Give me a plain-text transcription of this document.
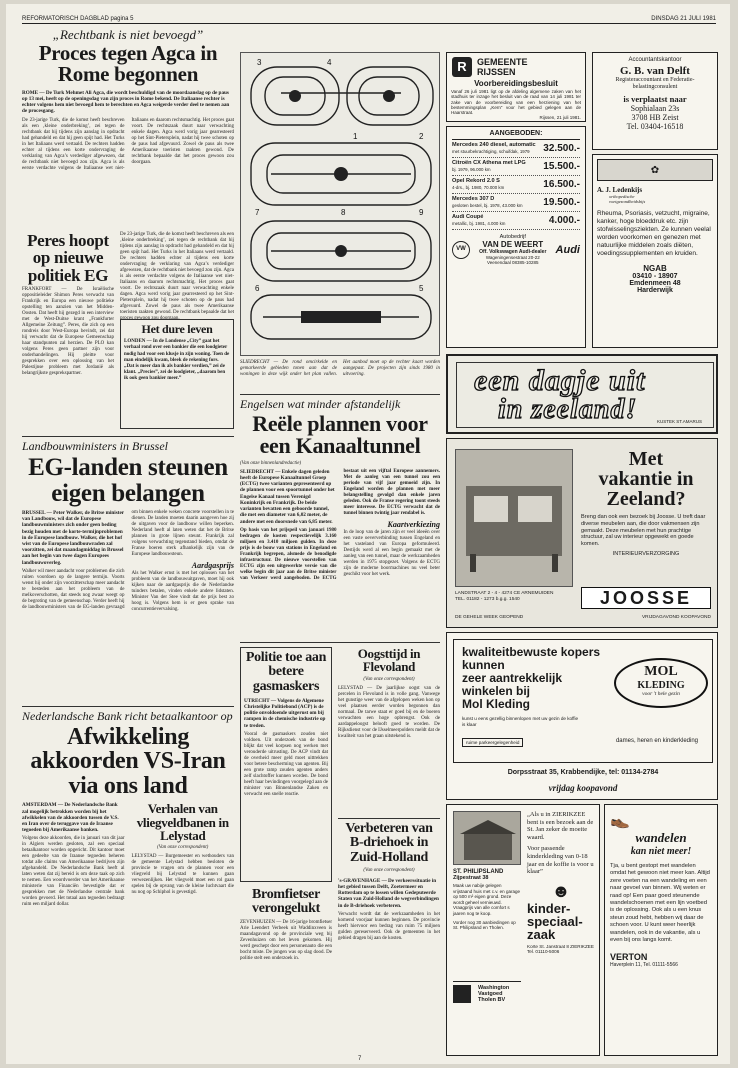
REFORMATORISCH DAGBLAD pagina 5	DINSDAG 21 JULI 1981
„Rechtbank is niet bevoegd”
Proces tegen Agca in Rome begonnen
ROME — De Turk Mehmet Ali Agca, die wordt beschuldigd van de moordaanslag op de paus op 13 mei, heeft op de openingsdag van zijn proces in Rome bekend. De Italiaanse rechter is echter volgens hem niet bevoegd hem te berechten en Agca weigerde verder deel te nemen aan de procesgang.
De 23-jarige Turk, die de komst heeft beschreven als een ‚kleine onderbreking’, zei tegen de rechtbank dat hij tijdens zijn aanslag in opdracht had gehandeld en dat hij geen spijt had. Het Turks in het Italiaans werd vertaald. De rechters hadden echter al tijdens een korte ondervraging de verklaring van Agca’s verdediger afgewezen, dat de rechtbank niet bevoegd zou zijn. Agca is als eerste verdachte volgens de Italiaanse wet niet-Italiaans en daarom rechtsmachtig. Het proces gaat voort. De rechtszaak duurt naar verwachting enkele dagen. Agca werd vorig jaar gearresteerd op het Sint-Pietersplein, nadat hij twee schoten op de paus had afgevuurd. Zowel de paus als twee Amerikaanse toeristen raakten gewond. De rechtbank bepaalde dat het proces gewoon zou doorgaan.
Peres hoopt op nieuwe politiek EG
FRANKFORT — De Israëlische oppositieleider Shimon Peres verwacht van Frankrijk en Europa een nieuwe politieke opstelling ten aanzien van het Midden-Oosten. Dat heeft hij gezegd in een interview met de West-Duitse krant „Frankfurter Allgemeine Zeitung”. Peres, die zich op een rondreis door West-Europa bevindt, zei dat hij verwacht dat de Europese Gemeenschap haar standpunten zal herzien. De PLO kan volgens Peres geen partner zijn voor onderhandelingen. Hij pleitte voor gesprekken over een oplossing van het Palestijnse probleem met Jordanië als belangrijkste gesprekspartner.
De 23-jarige Turk, die de komst heeft beschreven als een ‚kleine onderbreking’, zei tegen de rechtbank dat hij tijdens zijn aanslag in opdracht had gehandeld en dat hij geen spijt had. Het Turks in het Italiaans werd vertaald. De rechters hadden echter al tijdens een korte ondervraging de verklaring van Agca’s verdediger afgewezen, dat de rechtbank niet bevoegd zou zijn. Agca is als eerste verdachte volgens de Italiaanse wet niet-Italiaans en daarom rechtsmachtig. Het proces gaat voort. De rechtszaak duurt naar verwachting enkele dagen. Agca werd vorig jaar gearresteerd op het Sint-Pietersplein, nadat hij twee schoten op de paus had afgevuurd. Zowel de paus als twee Amerikaanse toeristen raakten gewond. De rechtbank bepaalde dat het
Het dure leven
LONDEN — In de Londense „City” gaat het verhaal rond over een bankier die een loodgieter nodig had voor een klusje in zijn woning. Toen de man eindelijk kwam, bleek de rekening fors. „Dat is meer dan ik als bankier verdien,” zei de klant. „Precies”, zei de loodgieter, „daarom ben ik ook geen bankier meer.”
Landbouwministers in Brussel
EG-landen steunen eigen belangen
BRUSSEL — Peter Walker, de Britse minister van Landbouw, wil dat de Europese landbouwministers zich onder geen beding bezig houden met de korte-termijnproblemen in de Europese landbouw. Walker, die het hof wist van de Europese landbouwraden zal voorzitten, zei dat maandagmiddag in Brussel aan het begin van twee dagen Europees landbouwoverleg.
Walker wil meer aandacht voor problemen die zich ruiten voordoen op de langere termijn. Voorts wenst hij onder zijn voorzitterschap meer aandacht te besteden aan het probleem van de melkoverschotten, dat steeds nog zwaar weegt op de begroting van de gemeenschap. Verder heeft hij de landbouwministers van de EG-landen gevraagd om binnen enkele weken concrete voorstellen in te dienen. De landen moeten daarin aangeven hoe zij de uitgaven voor de landbouw willen beperken. Nederland heeft al laten weten dat het de Britse plannen in grote lijnen steunt. Frankrijk zal volgens verwachting tegenstand bieden, omdat de Franse boeren sterk afhankelijk zijn van de Europese landbouwsteun.
Aardgasprijs
Als het Walker ernst is met het oplossen van het probleem van de landbouwuitgaven, moet hij ook kijken naar de aardgasprijs die de Nederlandse tuinders betalen, vinden enkele andere lidstaten. Minister Van der Stee vindt dat de prijs best zo hoog is. Volgens hem is er geen sprake van concurrentievervalsing.
Nederlandsche Bank richt betaalkantoor op
Afwikkeling akkoorden VS-Iran via ons land
AMSTERDAM — De Nederlandsche Bank zal mogelijk betrokken worden bij het afwikkelen van de akkoorden tussen de V.S. en Iran over de teruggave van de Iraanse tegoeden bij Amerikaanse banken.
Volgens deze akkoorden, die in januari van dit jaar in Algiers werden gesloten, zal een speciaal betaalkantoor worden opgericht. Dit kantoor moet een gedeelte van de Iraanse tegoeden beheren totdat alle claims van Amerikaanse bedrijven zijn afgehandeld. De Nederlandsche Bank heeft al laten weten dat zij bereid is om deze taak op zich te nemen. Een woordvoerder van het Amerikaanse ministerie van Financiën bevestigde dat er gesprekken met de Nederlandse centrale bank worden gevoerd. Het totaal aan tegoeden bedraagt ruim een miljard dollar.
Verhalen van vliegveldbanen in Lelystad
(Van onze correspondent)
LELYSTAD — Burgemeester en wethouders van de gemeente Lelystad hebben besloten de provincie te vragen om de plannen voor een vliegveld bij Lelystad te kunnen gaan verwezenlijken. Het vliegveld moet een rol gaan spelen bij de opvang van de kleine luchtvaart die nu nog op Schiphol is gevestigd.
3	4
1	2
7	8	9
6	5
SLIEDRECHT — De rond omcirkelde en gemarkeerde gebieden tonen aan dat de woningen in deze wijk onder het plan vallen. Het aanbod moet op de rechter kaart worden aangepast. De projecten zijn sinds 1980 in uitvoering.
Engelsen wat minder afstandelijk
Reële plannen voor een Kanaaltunnel
(Van onze binnenlandredactie)
SLIEDRECHT — Enkele dagen geleden heeft de Europese Kanaaltunnel Groep (ECTG) twee varianten gepresenteerd op de plannen voor een spoortunnel onder het Engelse Kanaal tussen Verenigd Koninkrijk en Frankrijk. De beide varianten bevatten een geboorde tunnel, die met een diameter van 6,02 meter, de andere met een doorsnede van 6,85 meter.
Op basis van het prijspeil van januari 1980 bedragen de kosten respectievelijk 3.160 miljoen en 3.410 miljoen gulden. In deze prijs is de bouw van stations in Engeland en Frankrijk begrepen, alsmede de benodigde infrastructuur. De nieuwe voorstellen van ECTG zijn een uitgewerkte versie van die welke begin dit jaar aan de Britse minister van Verkeer werd aangeboden. De ECTG bestaat uit een vijftal Europese aannemers. Met de aanleg van een tunnel zou een periode van vijf jaar gemoeid zijn. In Engeland worden de plannen met meer belangstelling gevolgd dan enkele jaren geleden. Ook de Franse regering toont steeds meer interesse. De ECTG verwacht dat de tunnel binnen twintig jaar rendabel is.
Kaartverkiezing
In de loop van de jaren zijn er veel ideeën over een vaste oeververbinding tussen Engeland en het vasteland van Europa geformuleerd. Destijds werd al een begin gemaakt met de aanleg van een tunnel, maar de werkzaamheden werden in 1975 stopgezet. Volgens de ECTG zijn de moderne boormachines nu veel beter geschikt voor het werk.
Politie toe aan betere gasmaskers
UTRECHT — Volgens de Algemene Christelijke Politiebond (ACP) is de politie onvoldoende uitgerust om bij rampen in de chemische industrie op te treden.
Vooral de gasmaskers zouden niet voldoen. Uit onderzoek van de bond blijkt dat veel korpsen nog werken met verouderde uitrusting. De ACP vindt dat de overheid meer geld moet uittrekken voor betere bescherming van agenten. Bij een grote ramp zouden agenten anders zelf slachtoffer kunnen worden. De bond heeft haar bevindingen voorgelegd aan de minister van Binnenlandse Zaken en verwacht een snelle reactie.
Bromfietser verongelukt
ZEVENHUIZEN — De 16-jarige bromfietser Arie Leendert Verbeek uit Waddinxveen is maandagavond op de provinciale weg bij Zevenhuizen om het leven gekomen. Hij werd geschept door een personenauto die een bocht miste. De jongen was op slag dood. De politie stelt een onderzoek in.
Oogsttijd in Flevoland
(Van onze correspondent)
LELYSTAD — De jaarlijkse oogst van de percelen in Flevoland is in volle gang. Vanwege het gunstige weer van de afgelopen weken kon op veel plaatsen eerder worden begonnen dan normaal. De tarwe staat er goed bij en de boeren verwachten een hoge opbrengst. Ook de aardappeloogst belooft goed te worden. De Rijksdienst voor de IJsselmeerpolders meldt dat de kwaliteit van het graan uitstekend is.
Verbeteren van B-driehoek in Zuid-Holland
(Van onze correspondent)
's-GRAVENHAGE — De verkeerssituatie in het gebied tussen Delft, Zoetermeer en Rotterdam op te lossen willen Gedeputeerde Staten van Zuid-Holland de wegverbindingen in de B-driehoek verbeteren.
Verwacht wordt dat de werkzaamheden in het komend voorjaar kunnen beginnen. De provincie heeft hiervoor een bedrag van ruim 75 miljoen gulden gereserveerd. Ook de gemeenten in het gebied dragen bij aan de kosten.
R	GEMEENTE
RIJSSEN
Voorbereidingsbesluit
Vanaf 26 juli 1981 ligt op de afdeling algemene zaken van het stadhuis ter inzage het besluit van de raad van 14 juli 1981 ter zake van de voorbereiding van een herziening van het bestemmingsplan „Kern” voor het gebied gelegen aan de Haarstraat.
Rijssen, 21 juli 1981.
AANGEBODEN:
Mercedes 240 diesel, automatic
met stuurbekrachtiging, schuifdak, 1979	32.500.-
Citroën CX Athena met LPG
bj. 1979, 96.000 km	15.500.-
Opel Rekord 2.0 S
4-drs., bj. 1980, 70.000 km	16.500.-
Mercedes 307 D
gesloten bestel, bj. 1978, 43.000 km	19.500.-
Audi Coupé
metallic, bj. 1981, 4.000 km	4.000.-
VW
Autobedrijf
VAN DE WEERT
Off. Volkswagen Audi-dealer
Wageningensestraat 20-22
Veenendaal 08385-10285
Audi
Accountantskantoor
G. B. van Delft
Registeraccountant en Federatie-belastingconsulent
is verplaatst naar
Sophialaan 23s
3708 HB Zeist
Tel. 03404-16518
✿
A. J. Ledenkijs
orthopedische
voetgezondheidsbijs
Rheuma, Psoriasis, vetzucht, migraine, kanker, hoge bloeddruk etc. zijn stofwisselingsziekten. Ze kunnen veelal worden voorkomen en genezen met natuurlijke middelen zoals diëten, voedingssupplementen en kruiden.
NGAB
03410 - 18907
Emdenmeen 48
Harderwijk
een dagje uit
in zeeland!	KUSTEK ST.AMARUS
Met
vakantie in
Zeeland?
Breng dan ook een bezoek bij Joosse. U treft daar diverse meubelen aan, die door vakmensen zijn gemaakt. Deze meubelen met hun prachtige structuur, zal uw interieur opgewekt en goede komen.
INTERIEURVERZORGING
JOOSSE
LANDSTRAAT 2 - 4 - 4274 CE ARNEMUIDEN
TEL. 01182 - 1273 b.g.g. 1540
DE GEHELE WEEK GEOPEND	VRIJDAGAVOND KOOPAVOND
kwaliteitbewuste kopers
kunnen
zeer aantrekkelijk
winkelen bij
Mol Kleding
MOL
KLEDING
voor 't hele gezin
kunst u eens gezellig binnenlopen met uw gezin de koffie is klaar
ruime parkeergelegenheid	dames, heren en kinderkleding
Dorpsstraat 35, Krabbendijke, tel: 01134-2784
vrijdag koopavond
ST. PHILIPSLAND
Zijpestraat 38
Maak uw nabije gelegen vrijstaand huis met c.v. en garage op 500 m² eigen grond. Deze wordt geheel vernieuwd. Vraagprijs van alle comfort s jaaren nog te koop.
Vorder nog 30 aanbiedingen op St. Philipsland en Tholen.

Washington
Vastgoed
Tholen BV
„Als u in ZIERIKZEE bent is een bezoek aan de St. Jan zeker de moeite waard.
Voor passende kinderkleding van 0-18 jaar en de koffie is voor u klaar”
☻
kinder-
speciaal-
zaak
Korte St. Janstraat 8 ZIERIKZEE Tel. 01110-5006
👞
wandelen
kan niet meer!
Tja, u bent gestopt met wandelen omdat het gewoon niet meer kan. Altijd zere voeten na een wandeling en een naar gevoel van binnen. Wij weten er raad op! Een paar goed steunende wandelschoenen met een lijn voetbed is de oplossing. Ook als u een knus steun zoud hebt, hebben wij daar de schoen voor. U kunt weer heerlijk wandelen, ook in de vakantie, als u even bij ons langs komt.
VERTON
Haverplein 11, Tel. 01111-5566
7
